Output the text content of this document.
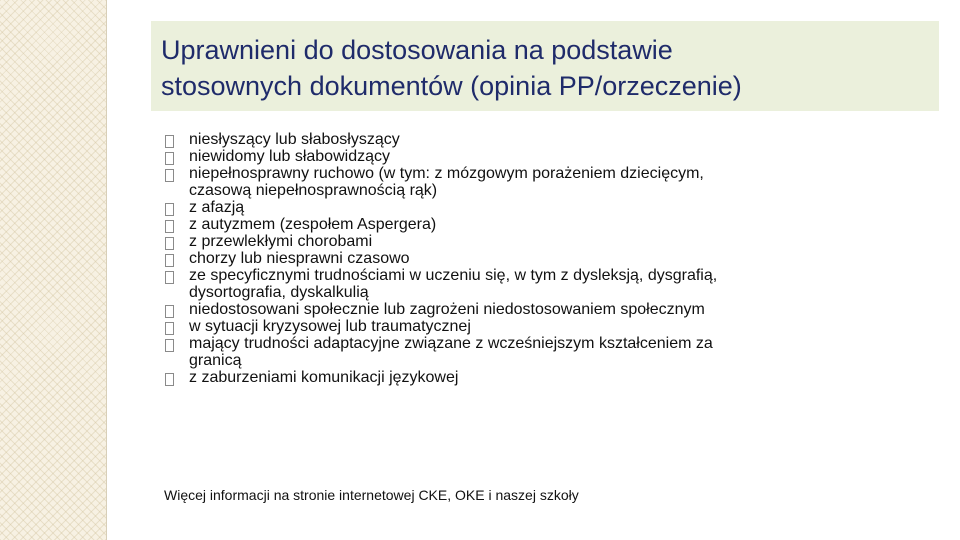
Uprawnieni do dostosowania na podstawie
stosownych dokumentów (opinia PP/orzeczenie)
niesłyszący lub słabosłyszący
niewidomy lub słabowidzący
niepełnosprawny ruchowo (w tym: z mózgowym porażeniem dziecięcym,
czasową niepełnosprawnością rąk)
z afazją
z autyzmem (zespołem Aspergera)
z przewlekłymi chorobami
chorzy lub niesprawni czasowo
ze specyficznymi trudnościami w uczeniu się, w tym z dysleksją, dysgrafią,
dysortografia, dyskalkulią
niedostosowani społecznie lub zagrożeni niedostosowaniem społecznym
w sytuacji kryzysowej lub traumatycznej
mający trudności adaptacyjne związane z wcześniejszym kształceniem za
granicą
z zaburzeniami komunikacji językowej
Więcej informacji na stronie internetowej CKE, OKE i naszej szkoły
